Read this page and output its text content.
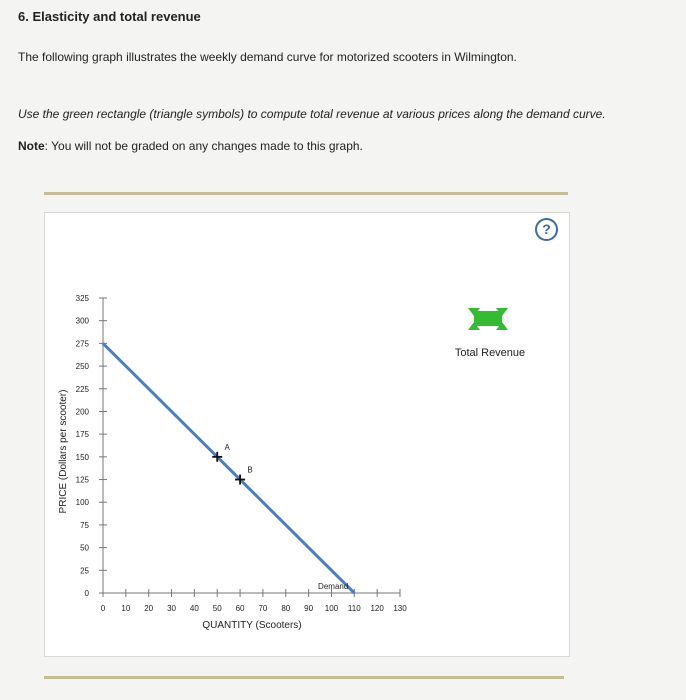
6. Elasticity and total revenue
The following graph illustrates the weekly demand curve for motorized scooters in Wilmington.
Use the green rectangle (triangle symbols) to compute total revenue at various prices along the demand curve.
Note: You will not be graded on any changes made to this graph.
?
0
25
50
75
100
125
150
175
200
225
250
275
300
325
0 10 20 30 40 50 60 70 80 90 100 110 120 130
Demand
A
B
PRICE (Dollars per scooter)
QUANTITY (Scooters)
Total Revenue
